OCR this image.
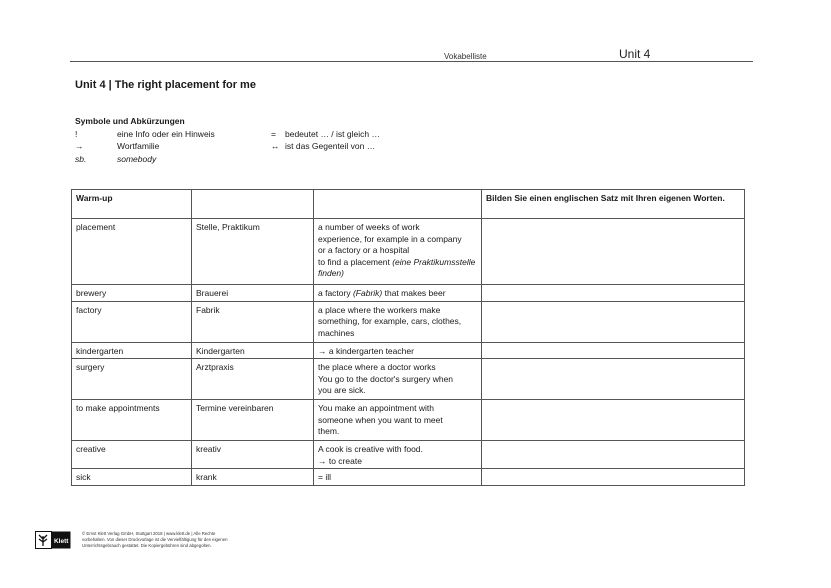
Vokabelliste	Unit 4
Unit 4 | The right placement for me
Symbole und Abkürzungen
!	eine Info oder ein Hinweis	= bedeutet … / ist gleich …
→	Wortfamilie	↔ ist das Gegenteil von …
sb.	somebody
Warm-up			Bilden Sie einen englischen Satz mit Ihren eigenen Worten.
placement	Stelle, Praktikum	a number of weeks of work
experience, for example in a company
or a factory or a hospital
to find a placement (eine Praktikumsstelle finden)	
brewery	Brauerei	a factory (Fabrik) that makes beer	
factory	Fabrik	a place where the workers make
something, for example, cars, clothes,
machines	
kindergarten	Kindergarten	→ a kindergarten teacher	
surgery	Arztpraxis	the place where a doctor works
You go to the doctor's surgery when
you are sick.	
to make appointments	Termine vereinbaren	You make an appointment with
someone when you want to meet
them.	
creative	kreativ	A cook is creative with food.
→ to create	
sick	krank	= ill	
Klett
© Ernst Klett Verlag GmbH, Stuttgart 2018 | www.klett.de | Alle Rechte
vorbehalten. Von dieser Druckvorlage ist die Vervielfältigung für den eigenen
Unterrichtsgebrauch gestattet. Die Kopiergebühren sind abgegolten.
